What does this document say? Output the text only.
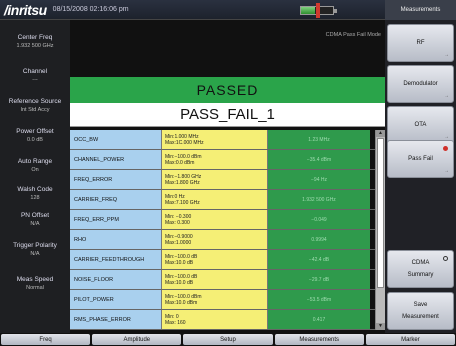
/inritsu 08/15/2008 02:16:06 pm
Center Freq
1.932 500 GHz
Channel
---
Reference Source
Int Std Accy
Power Offset
0.0 dB
Auto Range
On
Walsh Code
128
PN Offset
N/A
Trigger Polarity
N/A
Meas Speed
Normal
CDMA Pass Fail Mode
PASSED
PASS_FAIL_1
OCC_BW	Min:1.000 MHz
Max:1C.000 MHz	1.23 MHz
CHANNEL_POWER	Min:−100.0 dBm
Max:0.0 dBm	−35.4 dBm
FREQ_ERROR	Min:−1.800 GHz
Max:1.800 GHz	−94 Hz
CARRIER_FREQ	Min:0 Hz
Max:7.100 GHz	1.932 500 GHz
FREQ_ERR_PPM	Min: −0.300
Max: 0.300	−0.049
RHO	Min:−0.9000
Max:1.0000	0.9994
CARRIER_FEEDTHROUGH	Min:−100.0 dB
Max:10.0 dB	−42.4 dB
NOISE_FLOOR	Min:−100.0 dB
Max:10.0 dB	−29.7 dB
PILOT_POWER	Min:−100.0 dBm
Max:10.0 dBm	−53.5 dBm
RMS_PHASE_ERROR	Min: 0
Max: 160	0.417
▲
▼
Measurements
RF
→
Demodulator
→
OTA
→
Pass Fail
→
CDMA
Summary
Save
Measurement
Freq	Amplitude	Setup	Measurements	Marker
